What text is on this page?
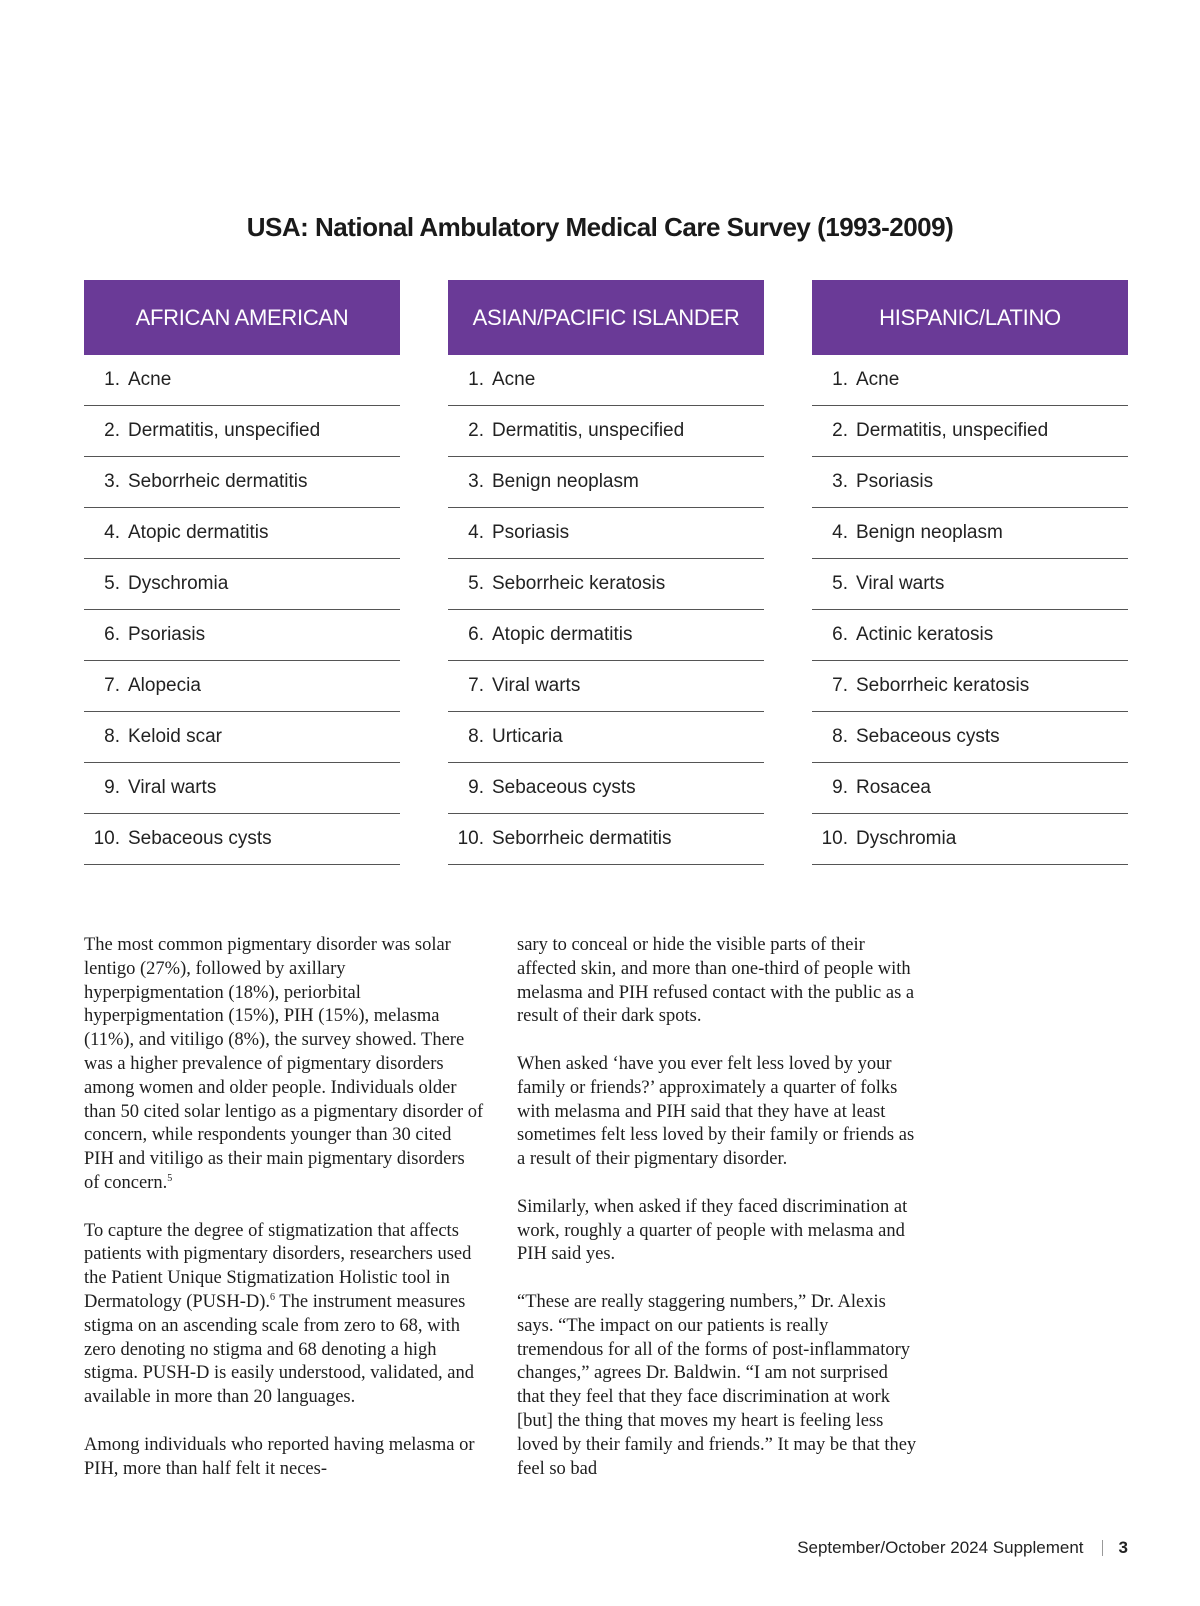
USA: National Ambulatory Medical Care Survey (1993-2009)
AFRICAN AMERICAN
1. Acne
2. Dermatitis, unspecified
3. Seborrheic dermatitis
4. Atopic dermatitis
5. Dyschromia
6. Psoriasis
7. Alopecia
8. Keloid scar
9. Viral warts
10. Sebaceous cysts
ASIAN/PACIFIC ISLANDER
1. Acne
2. Dermatitis, unspecified
3. Benign neoplasm
4. Psoriasis
5. Seborrheic keratosis
6. Atopic dermatitis
7. Viral warts
8. Urticaria
9. Sebaceous cysts
10. Seborrheic dermatitis
HISPANIC/LATINO
1. Acne
2. Dermatitis, unspecified
3. Psoriasis
4. Benign neoplasm
5. Viral warts
6. Actinic keratosis
7. Seborrheic keratosis
8. Sebaceous cysts
9. Rosacea
10. Dyschromia

The most common pigmentary disorder was solar lentigo (27%), followed by axillary hyperpigmentation (18%), periorbital hyperpigmentation (15%), PIH (15%), melasma (11%), and vitiligo (8%), the survey showed. There was a higher prevalence of pigmentary disorders among women and older people. Individuals older than 50 cited solar lentigo as a pigmentary disorder of concern, while respondents younger than 30 cited PIH and vitiligo as their main pigmentary disorders of concern.$^5$

To capture the degree of stigmatization that affects patients with pigmentary disorders, researchers used the Patient Unique Stigmatization Holistic tool in Dermatology (PUSH-D).$^6$ The instrument measures stigma on an ascending scale from zero to 68, with zero denoting no stigma and 68 denoting a high stigma. PUSH-D is easily understood, validated, and available in more than 20 languages.

Among individuals who reported having melasma or PIH, more than half felt it neces-

sary to conceal or hide the visible parts of their affected skin, and more than one-third of people with melasma and PIH refused contact with the public as a result of their dark spots.

When asked ‘have you ever felt less loved by your family or friends?’ approximately a quarter of folks with melasma and PIH said that they have at least sometimes felt less loved by their family or friends as a result of their pigmentary disorder.

Similarly, when asked if they faced discrimination at work, roughly a quarter of people with melasma and PIH said yes.

“These are really staggering numbers,” Dr. Alexis says. “The impact on our patients is really tremendous for all of the forms of post-inflammatory changes,” agrees Dr. Baldwin. “I am not surprised that they feel that they face discrimination at work [but] the thing that moves my heart is feeling less loved by their family and friends.” It may be that they feel so bad

September/October 2024 Supplement 3
